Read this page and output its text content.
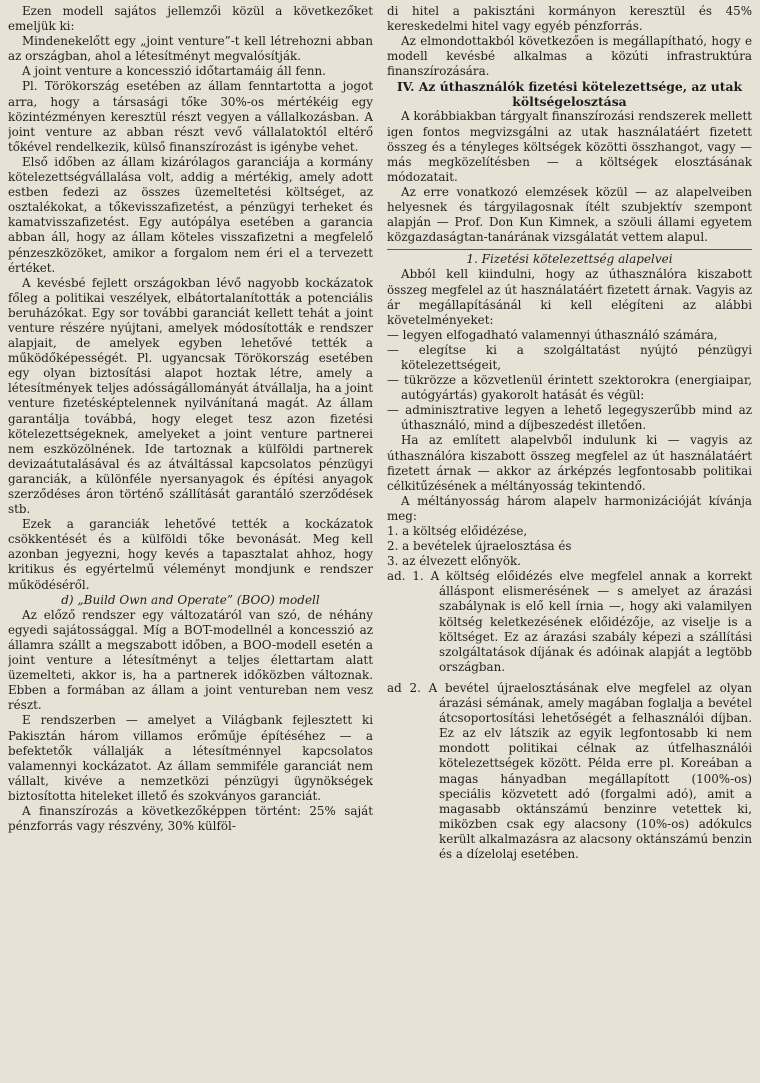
Ezen modell sajátos jellemzői közül a következőket emeljük ki:

Mindenekelőtt egy „joint venture”-t kell létrehozni abban az országban, ahol a létesítményt megvalósítják.

A joint venture a koncesszió időtartamáig áll fenn.

Pl. Törökország esetében az állam fenntartotta a jogot arra, hogy a társasági tőke 30%-os mértékéig egy közintézményen keresztül részt vegyen a vállalkozásban. A joint venture az abban részt vevő vállalatoktól eltérő tőkével rendelkezik, külső finanszírozást is igénybe vehet.

Első időben az állam kizárólagos garanciája a kormány kötelezettségvállalása volt, addig a mértékig, amely adott estben fedezi az összes üzemeltetési költséget, az osztalékokat, a tőkevisszafizetést, a pénzügyi terheket és kamatvisszafizetést. Egy autópálya esetében a garancia abban áll, hogy az állam köteles visszafizetni a megfelelő pénzeszközöket, amikor a forgalom nem éri el a tervezett értéket.

A kevésbé fejlett országokban lévő nagyobb kockázatok főleg a politikai veszélyek, elbátortalanították a potenciális beruházókat. Egy sor további garanciát kellett tehát a joint venture részére nyújtani, amelyek módosították e rendszer alapjait, de amelyek egyben lehetővé tették a működőképességét. Pl. ugyancsak Törökország esetében egy olyan biztosítási alapot hoztak létre, amely a létesítmények teljes adósságállományát átvállalja, ha a joint venture fizetésképtelennek nyilvánítaná magát. Az állam garantálja továbbá, hogy eleget tesz azon fizetési kötelezettségeknek, amelyeket a joint venture partnerei nem eszközölnének. Ide tartoznak a külföldi partnerek devizaátutalásával és az átváltással kapcsolatos pénzügyi garanciák, a különféle nyersanyagok és építési anyagok szerződéses áron történő szállítását garantáló szerződések stb.

Ezek a garanciák lehetővé tették a kockázatok csökkentését és a külföldi tőke bevonását. Meg kell azonban jegyezni, hogy kevés a tapasztalat ahhoz, hogy kritikus és egyértelmű véleményt mondjunk e rendszer működéséről.

d) „Build Own and Operate” (BOO) modell

Az előző rendszer egy változatáról van szó, de néhány egyedi sajátossággal. Míg a BOT-modellnél a koncesszió az államra szállt a megszabott időben, a BOO-modell esetén a joint venture a létesítményt a teljes élettartam alatt üzemelteti, akkor is, ha a partnerek időközben változnak. Ebben a formában az állam a joint ventureban nem vesz részt.

E rendszerben — amelyet a Világbank fejlesztett ki Pakisztán három villamos erőműje építéséhez — a befektetők vállalják a létesítménnyel kapcsolatos valamennyi kockázatot. Az állam semmiféle garanciát nem vállalt, kivéve a nemzetközi pénzügyi ügynökségek biztosította hiteleket illető és szokványos garanciát.

A finanszírozás a következőképpen történt: 25% saját pénzforrás vagy részvény, 30% külföl-

di hitel a pakisztáni kormányon keresztül és 45% kereskedelmi hitel vagy egyéb pénzforrás.

Az elmondottakból következően is megállapítható, hogy e modell kevésbé alkalmas a közúti infrastruktúra finanszírozására.

IV. Az úthasználók fizetési kötelezettsége, az utak költségelosztása

A korábbiakban tárgyalt finanszírozási rendszerek mellett igen fontos megvizsgálni az utak használatáért fizetett összeg és a tényleges költségek közötti összhangot, vagy — más megközelítésben — a költségek elosztásának módozatait.

Az erre vonatkozó elemzések közül — az alapelveiben helyesnek és tárgyilagosnak ítélt szubjektív szempont alapján — Prof. Don Kun Kimnek, a szöuli állami egyetem közgazdaságtan-tanárának vizsgálatát vettem alapul.

1. Fizetési kötelezettség alapelvei

Abból kell kiindulni, hogy az úthasználóra kiszabott összeg megfelel az út használatáért fizetett árnak. Vagyis az ár megállapításánál ki kell elégíteni az alábbi követelményeket:

— legyen elfogadható valamennyi úthasználó számára,

— elegítse ki a szolgáltatást nyújtó pénzügyi kötelezettségeit,

— tükrözze a közvetlenül érintett szektorokra (energiaipar, autógyártás) gyakorolt hatását és végül:

— adminisztrative legyen a lehető legegyszerűbb mind az úthasználó, mind a díjbeszedést illetően.

Ha az említett alapelvből indulunk ki — vagyis az úthasználóra kiszabott összeg megfelel az út használatáért fizetett árnak — akkor az árképzés legfontosabb politikai célkitűzésének a méltányosság tekintendő.

A méltányosság három alapelv harmonizációját kívánja meg:

1. a költség előidézése,

2. a bevételek újraelosztása és

3. az élvezett előnyök.

ad. 1. A költség előidézés elve megfelel annak a korrekt álláspont elismerésének — s amelyet az árazási szabálynak is elő kell írnia —, hogy aki valamilyen költség keletkezésének előidézője, az viselje is a költséget. Ez az árazási szabály képezi a szállítási szolgáltatások díjának és adóinak alapját a legtöbb országban.

ad 2. A bevétel újraelosztásának elve megfelel az olyan árazási sémának, amely magában foglalja a bevétel átcsoportosítási lehetőségét a felhasználói díjban. Ez az elv látszik az egyik legfontosabb ki nem mondott politikai célnak az útfelhasználói kötelezettségek között. Példa erre pl. Koreában a magas hányadban megállapított (100%-os) speciális közvetett adó (forgalmi adó), amit a magasabb oktánszámú benzinre vetettek ki, miközben csak egy alacsony (10%-os) adókulcs került alkalmazásra az alacsony oktánszámú benzin és a dízelolaj esetében.
